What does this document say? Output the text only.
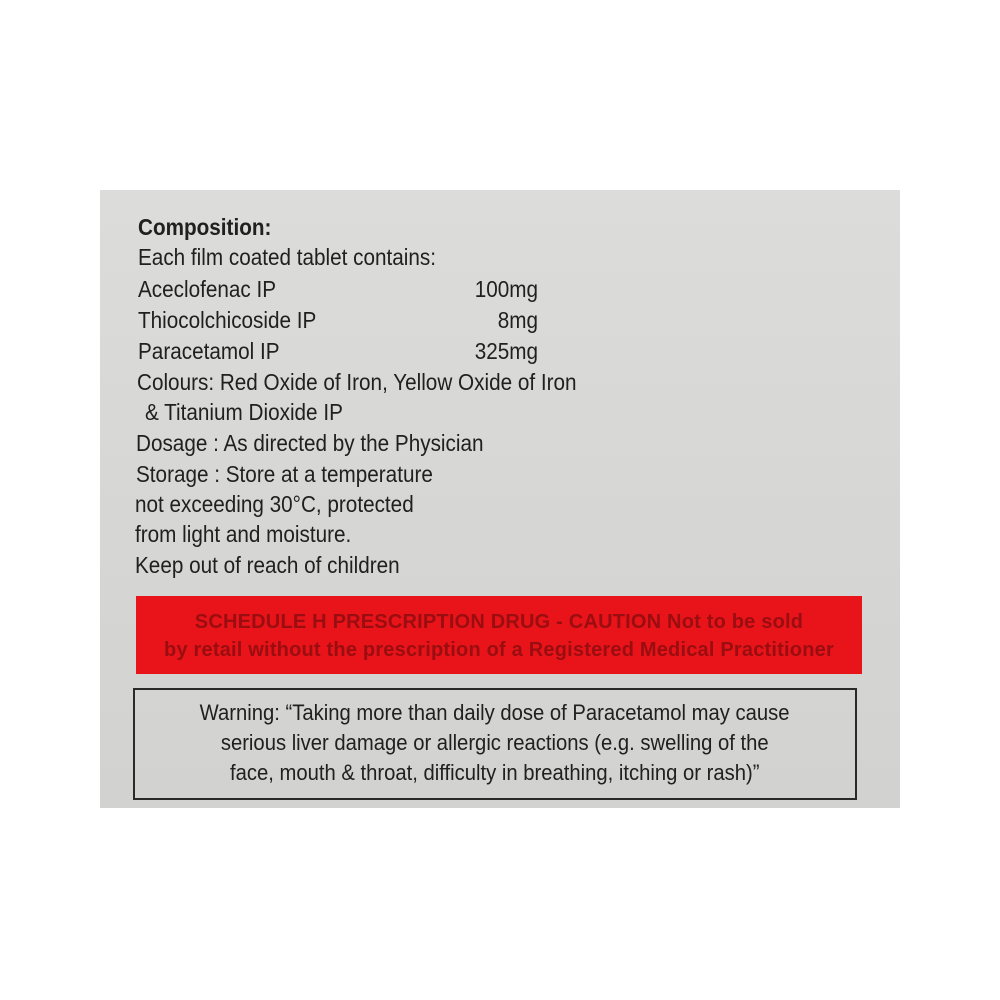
Composition:
Each film coated tablet contains:
Aceclofenac IP	100mg
Thiocolchicoside IP	8mg
Paracetamol IP	325mg
Colours: Red Oxide of Iron, Yellow Oxide of Iron
& Titanium Dioxide IP
Dosage : As directed by the Physician
Storage : Store at a temperature
not exceeding 30°C, protected
from light and moisture.
Keep out of reach of children
SCHEDULE H PRESCRIPTION DRUG - CAUTION Not to be sold
by retail without the prescription of a Registered Medical Practitioner
Warning: “Taking more than daily dose of Paracetamol may cause
serious liver damage or allergic reactions (e.g. swelling of the
face, mouth & throat, difficulty in breathing, itching or rash)”
